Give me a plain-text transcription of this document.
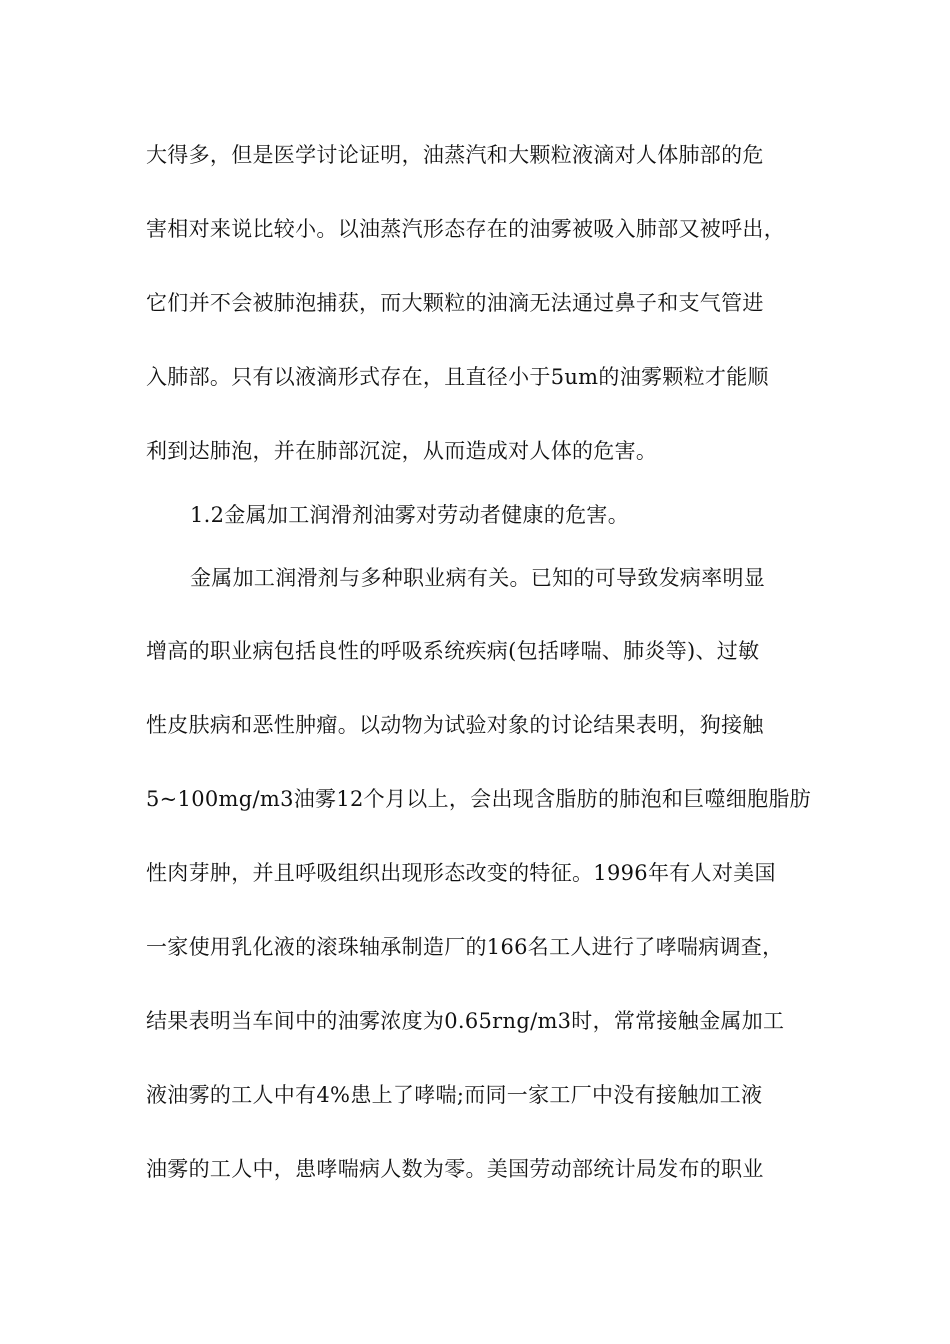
大得多，但是医学讨论证明，油蒸汽和大颗粒液滴对人体肺部的危
害相对来说比较小。以油蒸汽形态存在的油雾被吸入肺部又被呼出，
它们并不会被肺泡捕获，而大颗粒的油滴无法通过鼻子和支气管进
入肺部。只有以液滴形式存在，且直径小于5um的油雾颗粒才能顺
利到达肺泡，并在肺部沉淀，从而造成对人体的危害。
1.2金属加工润滑剂油雾对劳动者健康的危害。
金属加工润滑剂与多种职业病有关。已知的可导致发病率明显
增高的职业病包括良性的呼吸系统疾病(包括哮喘、肺炎等)、过敏
性皮肤病和恶性肿瘤。以动物为试验对象的讨论结果表明，狗接触
5~100mg/m3油雾12个月以上，会出现含脂肪的肺泡和巨噬细胞脂肪
性肉芽肿，并且呼吸组织出现形态改变的特征。1996年有人对美国
一家使用乳化液的滚珠轴承制造厂的166名工人进行了哮喘病调查，
结果表明当车间中的油雾浓度为0.65rng/m3时，常常接触金属加工
液油雾的工人中有4%患上了哮喘;而同一家工厂中没有接触加工液
油雾的工人中，患哮喘病人数为零。美国劳动部统计局发布的职业
